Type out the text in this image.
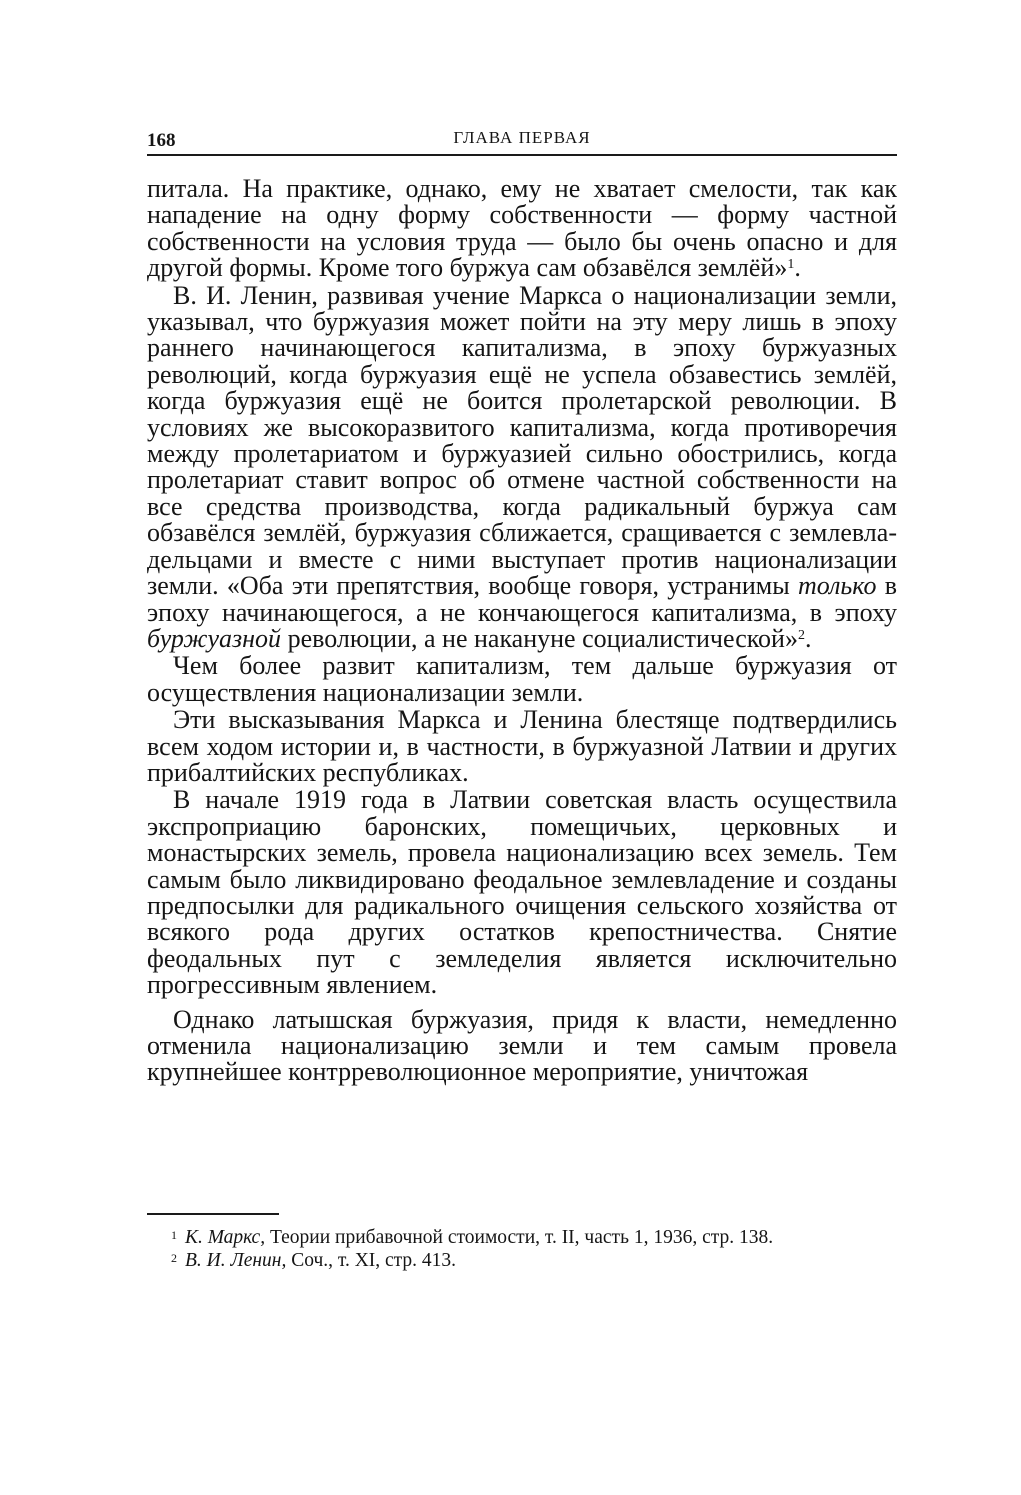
168	ГЛАВА ПЕРВАЯ

питала. На практике, однако, ему не хватает смелости, так как нападение на одну форму собственности — форму частной собственности на условия труда — было бы очень опасно и для другой формы. Кроме того буржуа сам обзавёлся землёй»$^1$.

В. И. Ленин, развивая учение Маркса о национализации земли, указывал, что буржуазия может пойти на эту меру лишь в эпоху раннего начинающегося капитализма, в эпоху буржуазных революций, когда буржуазия ещё не успела обзавестись землёй, когда буржуазия ещё не боится пролетарской революции. В условиях же высокоразвитого капитализма, когда противоречия между пролетариатом и буржуазией сильно обострились, когда пролетариат ставит вопрос об отмене частной собственности на все средства производства, когда радикальный буржуа сам обзавёлся землёй, буржуазия сближается, сращивается с землевладельцами и вместе с ними выступает против национализации земли. «Оба эти препятствия, вообще говоря, устранимы только в эпоху начинающегося, а не кончающегося капитализма, в эпоху буржуазной революции, а не накануне социалистической»$^2$.

Чем более развит капитализм, тем дальше буржуазия от осуществления национализации земли.

Эти высказывания Маркса и Ленина блестяще подтвердились всем ходом истории и, в частности, в буржуазной Латвии и других прибалтийских республиках.

В начале 1919 года в Латвии советская власть осуществила экспроприацию баронских, помещичьих, церковных и монастырских земель, провела национализацию всех земель. Тем самым было ликвидировано феодальное землевладение и созданы предпосылки для радикального очищения сельского хозяйства от всякого рода других остатков крепостничества. Снятие феодальных пут с земледелия является исключительно прогрессивным явлением.

Однако латышская буржуазия, придя к власти, немедленно отменила национализацию земли и тем самым провела крупнейшее контрреволюционное мероприятие, уничтожая

$^1$ К. Маркс, Теории прибавочной стоимости, т. II, часть 1, 1936, стр. 138.

$^2$ В. И. Ленин, Соч., т. XI, стр. 413.
